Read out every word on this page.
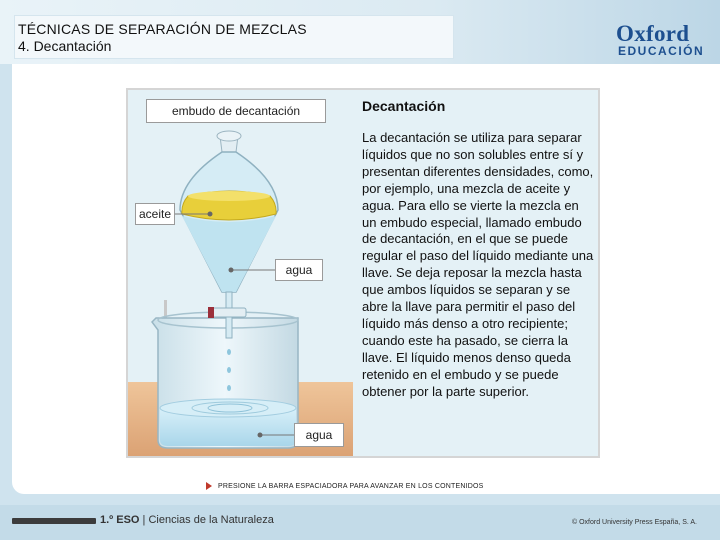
TÉCNICAS DE SEPARACIÓN DE MEZCLAS
4. Decantación	Oxford
EDUCACIÓN
embudo de decantación
aceite
agua
agua
Decantación
La decantación se utiliza para separar líquidos que no son solubles entre sí y presentan diferentes densidades, como, por ejemplo, una mezcla de aceite y agua. Para ello se vierte la mezcla en un embudo especial, llamado embudo de decantación, en el que se puede regular el paso del líquido mediante una llave. Se deja reposar la mezcla hasta que ambos líquidos se separan y se abre la llave para permitir el paso del líquido más denso a otro recipiente; cuando este ha pasado, se cierra la llave. El líquido menos denso queda retenido en el embudo y se puede obtener por la parte superior.
PRESIONE LA BARRA ESPACIADORA PARA AVANZAR EN LOS CONTENIDOS
1.º ESO | Ciencias de la Naturaleza	© Oxford University Press España, S. A.
